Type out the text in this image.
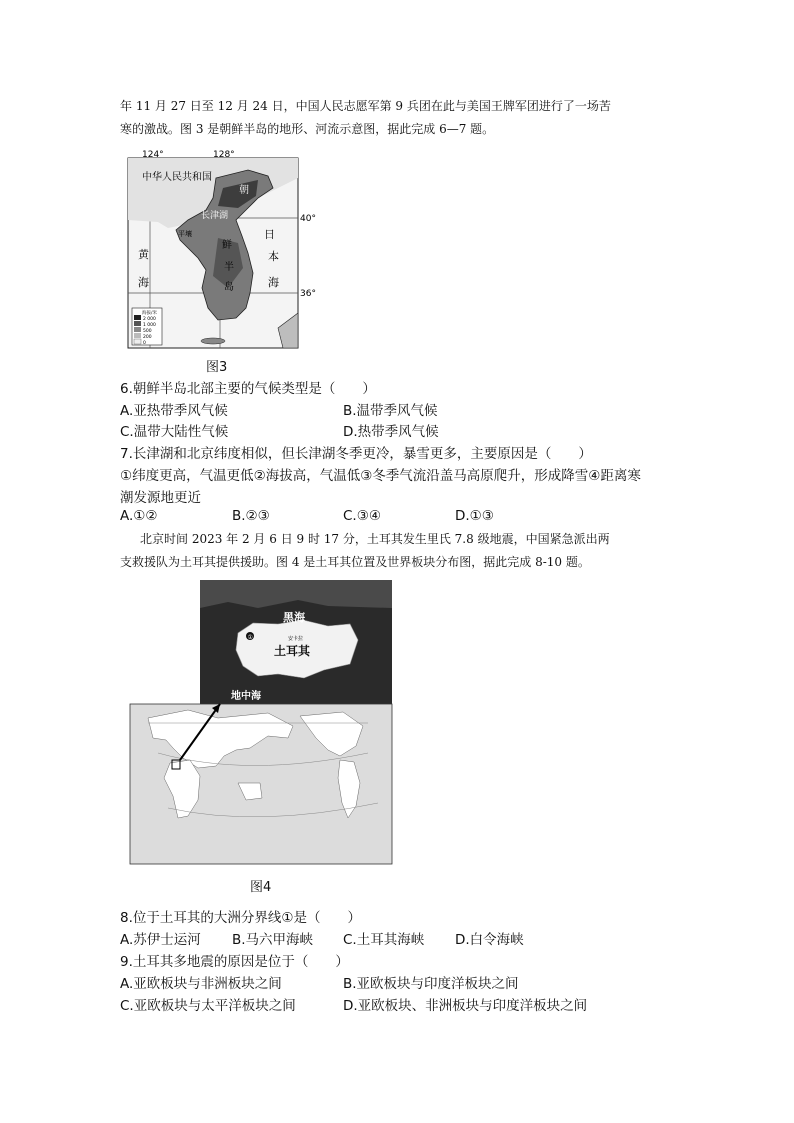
年 11 月 27 日至 12 月 24 日，中国人民志愿军第 9 兵团在此与美国王牌军团进行了一场苦
寒的激战。图 3 是朝鲜半岛的地形、河流示意图，据此完成 6—7 题。
海拔/米
2 000
1 000
500
200
0
124°	128°
40°
36°
中华人民共和国
长津湖
黄
海
日
本
海
朝
鲜
半
岛
平壤
图3
6.朝鲜半岛北部主要的气候类型是（　　）
A.亚热带季风气候	B.温带季风气候
C.温带大陆性气候	D.热带季风气候
7.长津湖和北京纬度相似，但长津湖冬季更冷，暴雪更多，主要原因是（　　）
①纬度更高，气温更低②海拔高，气温低③冬季气流沿盖马高原爬升，形成降雪④距离寒
潮发源地更近
A.①②	B.②③	C.③④	D.①③
北京时间 2023 年 2 月 6 日 9 时 17 分，土耳其发生里氏 7.8 级地震，中国紧急派出两
支救援队为土耳其提供援助。图 4 是土耳其位置及世界板块分布图，据此完成 8-10 题。
①	安卡拉
黑海
土耳其
地中海
图4
8.位于土耳其的大洲分界线①是（　　）
A.苏伊士运河 B.马六甲海峡 C.土耳其海峡 D.白令海峡
9.土耳其多地震的原因是位于（　　）
A.亚欧板块与非洲板块之间	B.亚欧板块与印度洋板块之间
C.亚欧板块与太平洋板块之间	D.亚欧板块、非洲板块与印度洋板块之间
